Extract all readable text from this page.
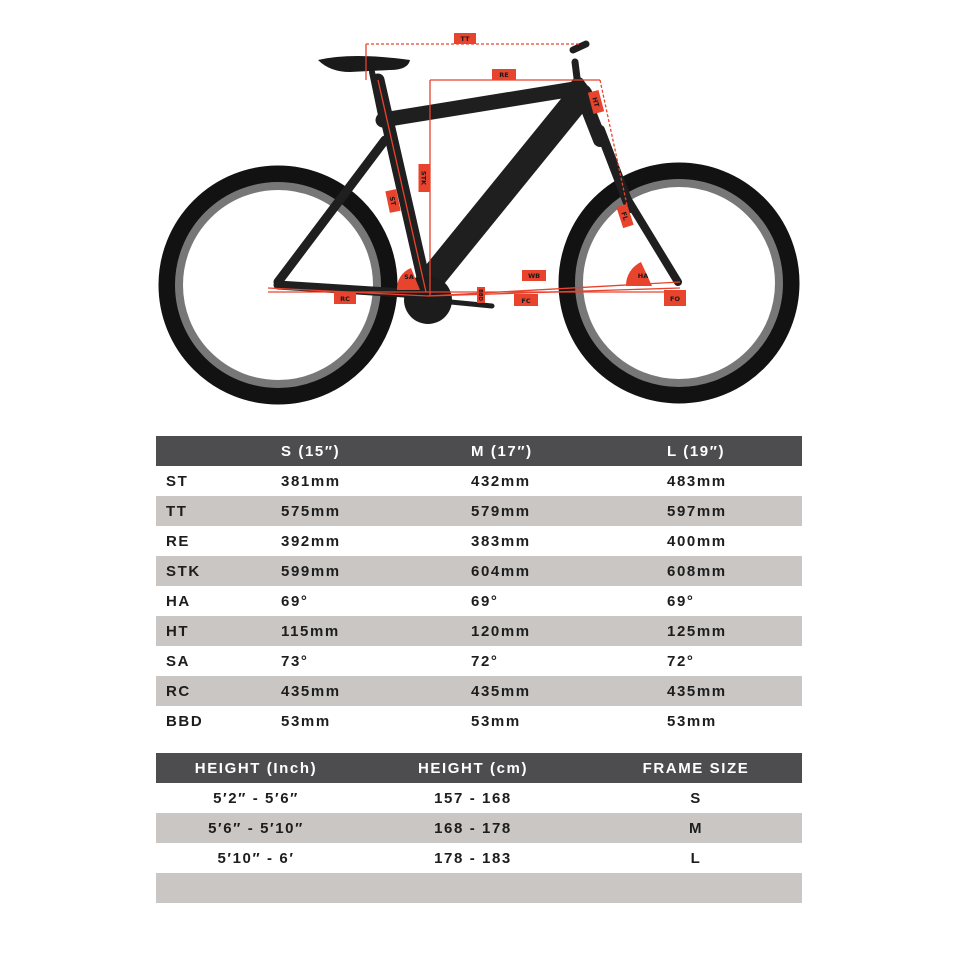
TT
RE
HT
STK
ST
FL
SA	HA
WB
RC	BBD
FC	FO
	S (15″)	M (17″)	L (19″)
ST	381mm	432mm	483mm
TT	575mm	579mm	597mm
RE	392mm	383mm	400mm
STK	599mm	604mm	608mm
HA	69°	69°	69°
HT	115mm	120mm	125mm
SA	73°	72°	72°
RC	435mm	435mm	435mm
BBD	53mm	53mm	53mm
HEIGHT (Inch)	HEIGHT (cm)	FRAME SIZE
5′2″ - 5′6″	157 - 168	S
5′6″ - 5′10″	168 - 178	M
5′10″ - 6′	178 - 183	L
